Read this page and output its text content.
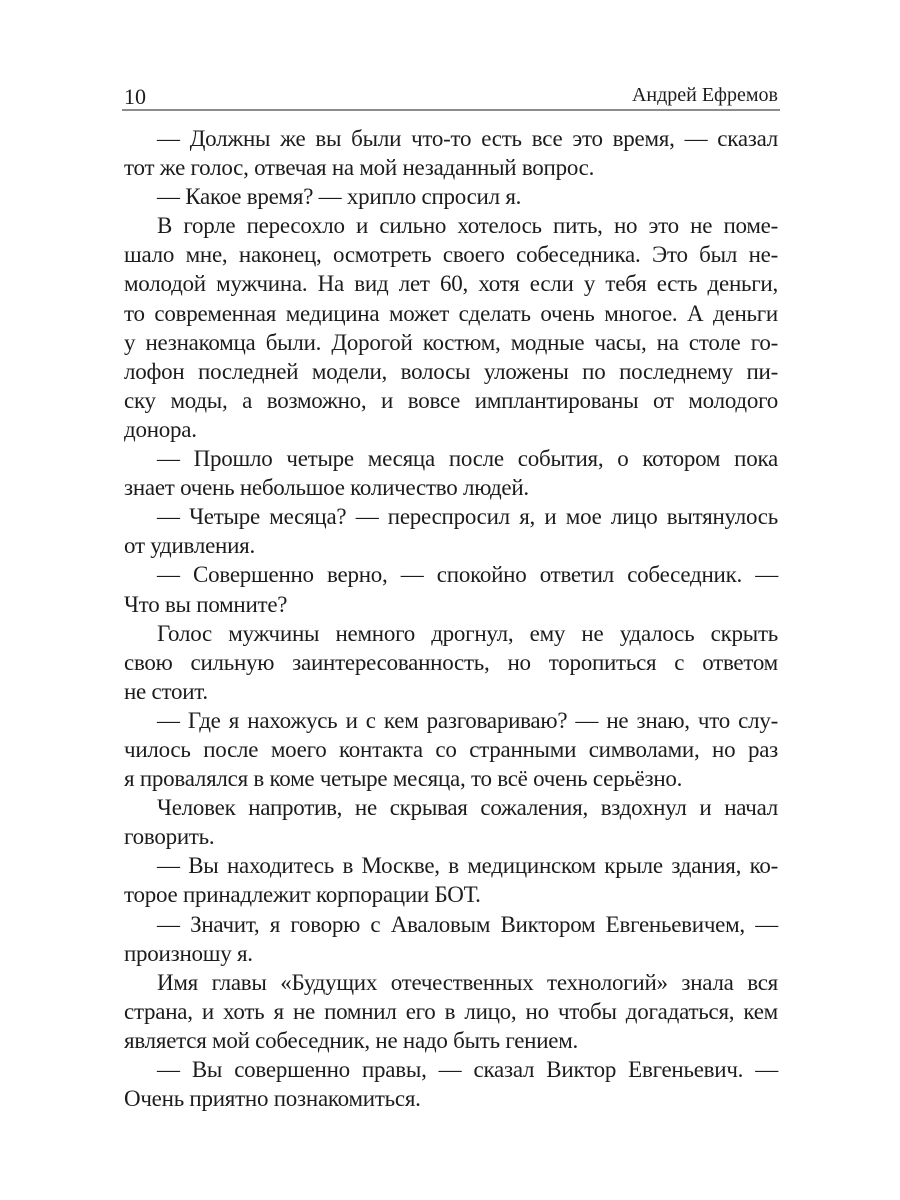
10	Андрей Ефремов
— Должны же вы были что-то есть все это время, — сказал
тот же голос, отвечая на мой незаданный вопрос.
— Какое время? — хрипло спросил я.
В горле пересохло и сильно хотелось пить, но это не поме-
шало мне, наконец, осмотреть своего собеседника. Это был не-
молодой мужчина. На вид лет 60, хотя если у тебя есть деньги,
то современная медицина может сделать очень многое. А деньги
у незнакомца были. Дорогой костюм, модные часы, на столе го-
лофон последней модели, волосы уложены по последнему пи-
ску моды, а возможно, и вовсе имплантированы от молодого
донора.
— Прошло четыре месяца после события, о котором пока
знает очень небольшое количество людей.
— Четыре месяца? — переспросил я, и мое лицо вытянулось
от удивления.
— Совершенно верно, — спокойно ответил собеседник. —
Что вы помните?
Голос мужчины немного дрогнул, ему не удалось скрыть
свою сильную заинтересованность, но торопиться с ответом
не стоит.
— Где я нахожусь и с кем разговариваю? — не знаю, что слу-
чилось после моего контакта со странными символами, но раз
я провалялся в коме четыре месяца, то всё очень серьёзно.
Человек напротив, не скрывая сожаления, вздохнул и начал
говорить.
— Вы находитесь в Москве, в медицинском крыле здания, ко-
торое принадлежит корпорации БОТ.
— Значит, я говорю с Аваловым Виктором Евгеньевичем, —
произношу я.
Имя главы «Будущих отечественных технологий» знала вся
страна, и хоть я не помнил его в лицо, но чтобы догадаться, кем
является мой собеседник, не надо быть гением.
— Вы совершенно правы, — сказал Виктор Евгеньевич. —
Очень приятно познакомиться.
